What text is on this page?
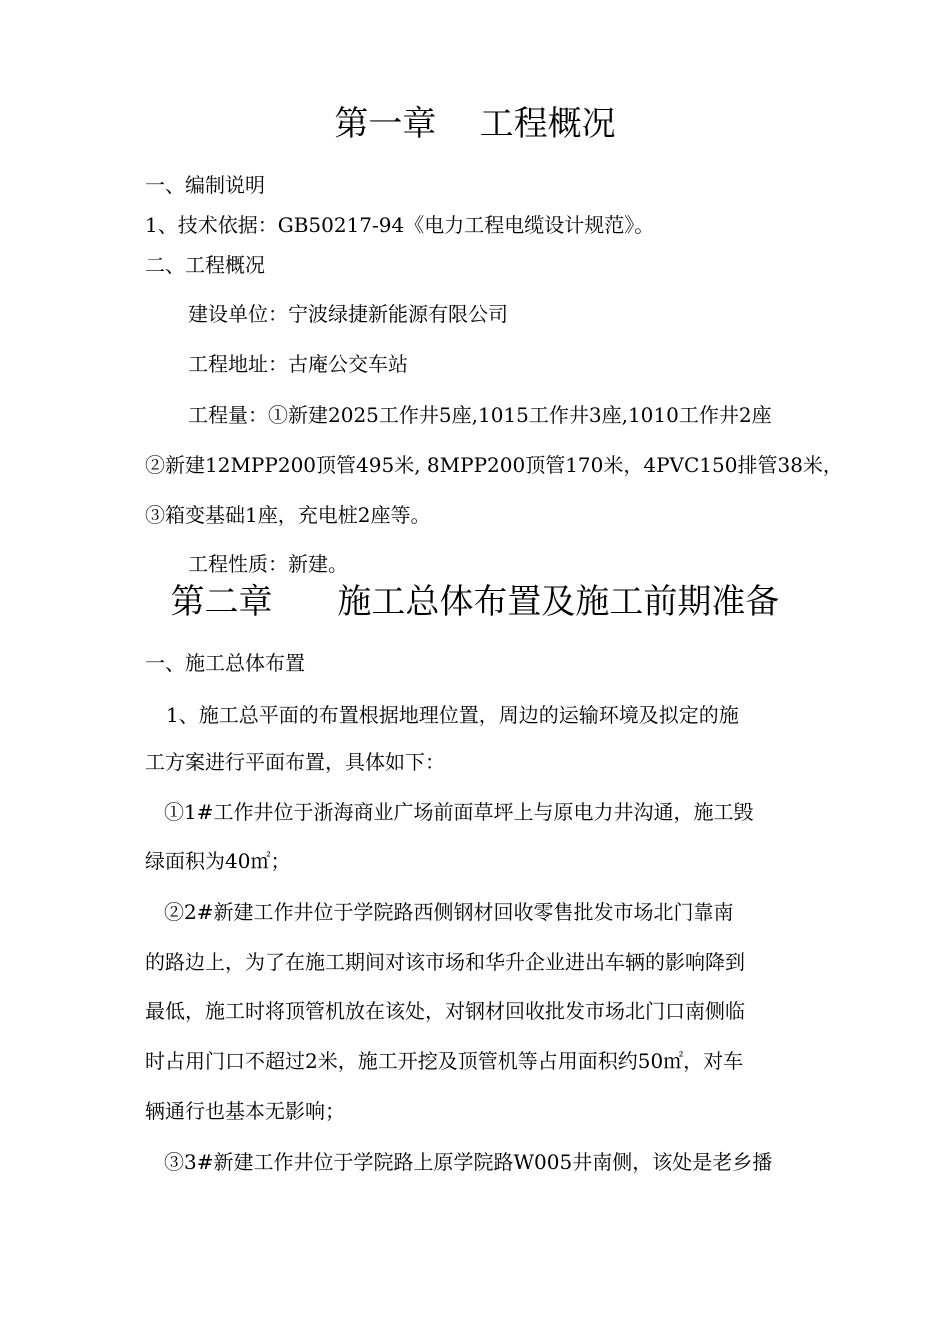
第一章    工程概况
一、编制说明
1、技术依据：GB50217-94《电力工程电缆设计规范》。
二、工程概况
建设单位：宁波绿捷新能源有限公司
工程地址：古庵公交车站
工程量：①新建2025工作井5座,1015工作井3座,1010工作井2座
②新建12MPP200顶管495米, 8MPP200顶管170米，4PVC150排管38米，
③箱变基础1座，充电桩2座等。
工程性质：新建。
第二章      施工总体布置及施工前期准备
一、施工总体布置
1、施工总平面的布置根据地理位置，周边的运输环境及拟定的施
工方案进行平面布置，具体如下：
①1#工作井位于浙海商业广场前面草坪上与原电力井沟通，施工毁
绿面积为40㎡；
②2#新建工作井位于学院路西侧钢材回收零售批发市场北门靠南
的路边上，为了在施工期间对该市场和华升企业进出车辆的影响降到
最低，施工时将顶管机放在该处，对钢材回收批发市场北门口南侧临
时占用门口不超过2米，施工开挖及顶管机等占用面积约50㎡，对车
辆通行也基本无影响；
③3#新建工作井位于学院路上原学院路W005井南侧，该处是老乡播
